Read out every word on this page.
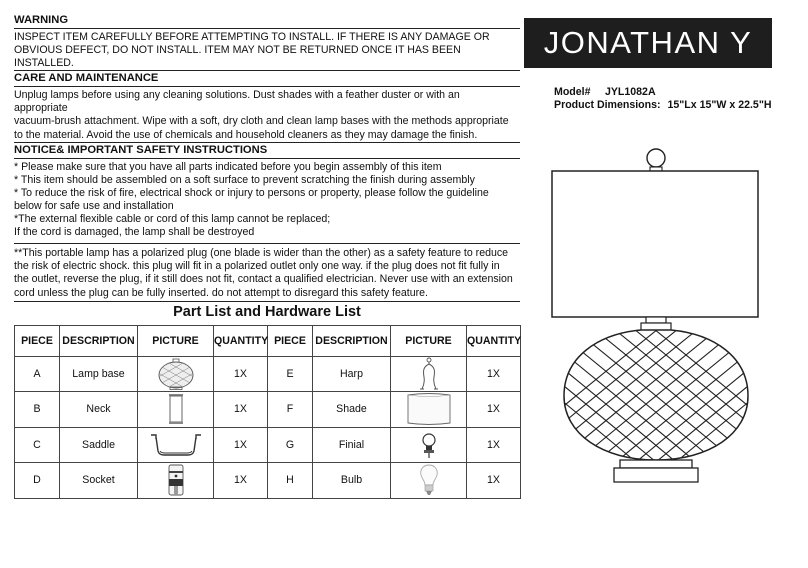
WARNING
INSPECT ITEM CAREFULLY BEFORE ATTEMPTING TO INSTALL. IF THERE IS ANY DAMAGE OR
OBVIOUS DEFECT, DO NOT INSTALL. ITEM MAY NOT BE RETURNED ONCE IT HAS BEEN
INSTALLED.
CARE AND MAINTENANCE
Unplug lamps before using any cleaning solutions. Dust shades with a feather duster or with an
appropriate
vacuum-brush attachment. Wipe with a soft, dry cloth and clean lamp bases with the methods appropriate
to the material. Avoid the use of chemicals and household cleaners as they may damage the finish.
NOTICE& IMPORTANT SAFETY INSTRUCTIONS
* Please make sure that you have all parts indicated before you begin assembly of this item
* This item should be assembled on a soft surface to prevent scratching the finish during assembly
* To reduce the risk of fire, electrical shock or injury to persons or property, please follow the guideline
below for safe use and installation
*The external flexible cable or cord of this lamp cannot be replaced;
If the cord is damaged, the lamp shall be destroyed
**This portable lamp has a polarized plug (one blade is wider than the other) as a safety feature to reduce
the risk of electric shock. this plug will fit in a polarized outlet only one way. if the plug does not fit fully in
the outlet, reverse the plug, if it still does not fit, contact a qualified electrician. Never use with an extension
cord unless the plug can be fully inserted. do not attempt to disregard this safety feature.
Part List and Hardware List
PIECE	DESCRIPTION	PICTURE	QUANTITY	PIECE	DESCRIPTION	PICTURE	QUANTITY
A	Lamp base		1X	E	Harp		1X
B	Neck		1X	F	Shade		1X
C	Saddle		1X	G	Finial		1X
D	Socket		1X	H	Bulb		1X
JONATHAN Y
Model# JYL1082A
Product Dimensions: 15"Lx 15"W x 22.5"H
